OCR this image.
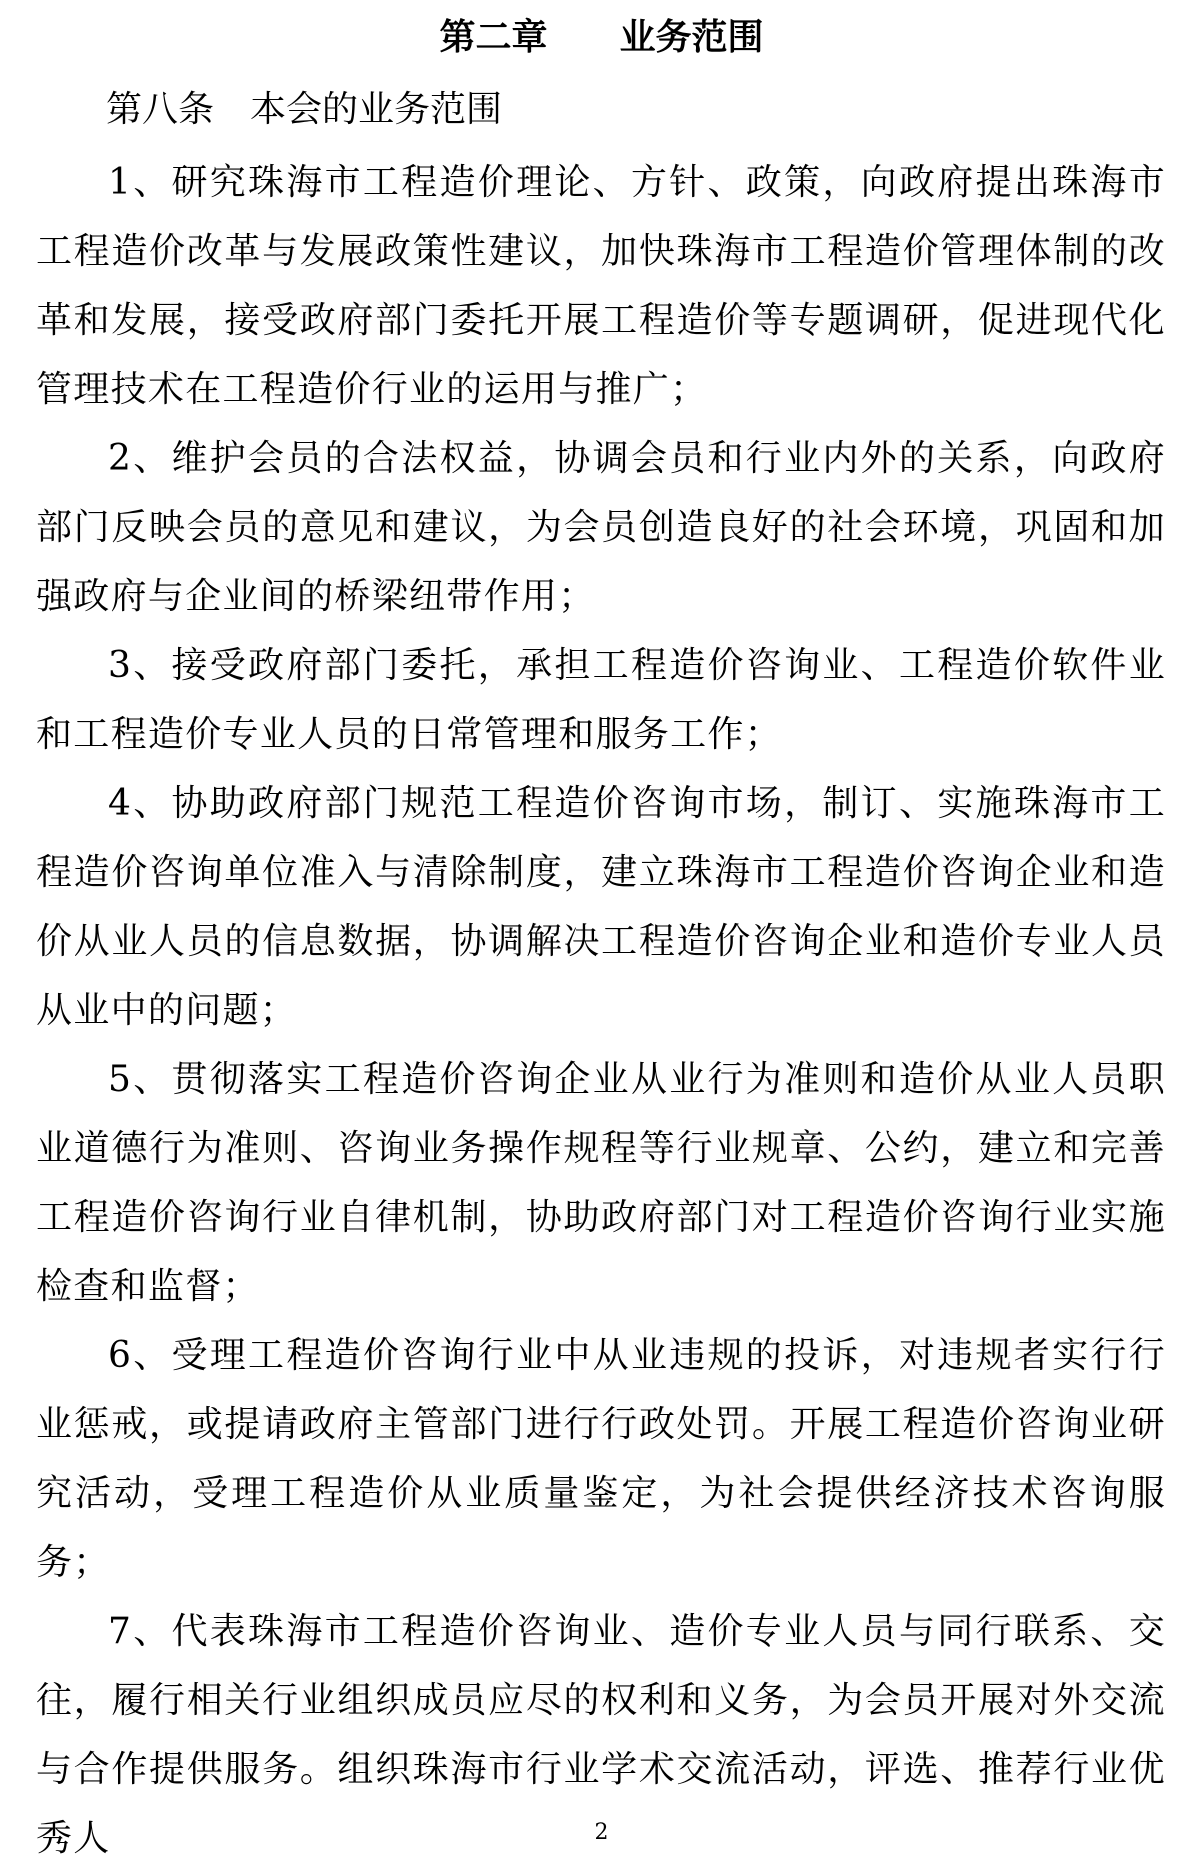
第二章　　业务范围
第八条　本会的业务范围

1、研究珠海市工程造价理论、方针、政策，向政府提出珠海市工程造价改革与发展政策性建议，加快珠海市工程造价管理体制的改革和发展，接受政府部门委托开展工程造价等专题调研，促进现代化管理技术在工程造价行业的运用与推广；

2、维护会员的合法权益，协调会员和行业内外的关系，向政府部门反映会员的意见和建议，为会员创造良好的社会环境，巩固和加强政府与企业间的桥梁纽带作用；

3、接受政府部门委托，承担工程造价咨询业、工程造价软件业和工程造价专业人员的日常管理和服务工作；

4、协助政府部门规范工程造价咨询市场，制订、实施珠海市工程造价咨询单位准入与清除制度，建立珠海市工程造价咨询企业和造价从业人员的信息数据，协调解决工程造价咨询企业和造价专业人员从业中的问题；

5、贯彻落实工程造价咨询企业从业行为准则和造价从业人员职业道德行为准则、咨询业务操作规程等行业规章、公约，建立和完善工程造价咨询行业自律机制，协助政府部门对工程造价咨询行业实施检查和监督；

6、受理工程造价咨询行业中从业违规的投诉，对违规者实行行业惩戒，或提请政府主管部门进行行政处罚。开展工程造价咨询业研究活动，受理工程造价从业质量鉴定，为社会提供经济技术咨询服务；

7、代表珠海市工程造价咨询业、造价专业人员与同行联系、交往，履行相关行业组织成员应尽的权利和义务，为会员开展对外交流与合作提供服务。组织珠海市行业学术交流活动，评选、推荐行业优秀人	2
